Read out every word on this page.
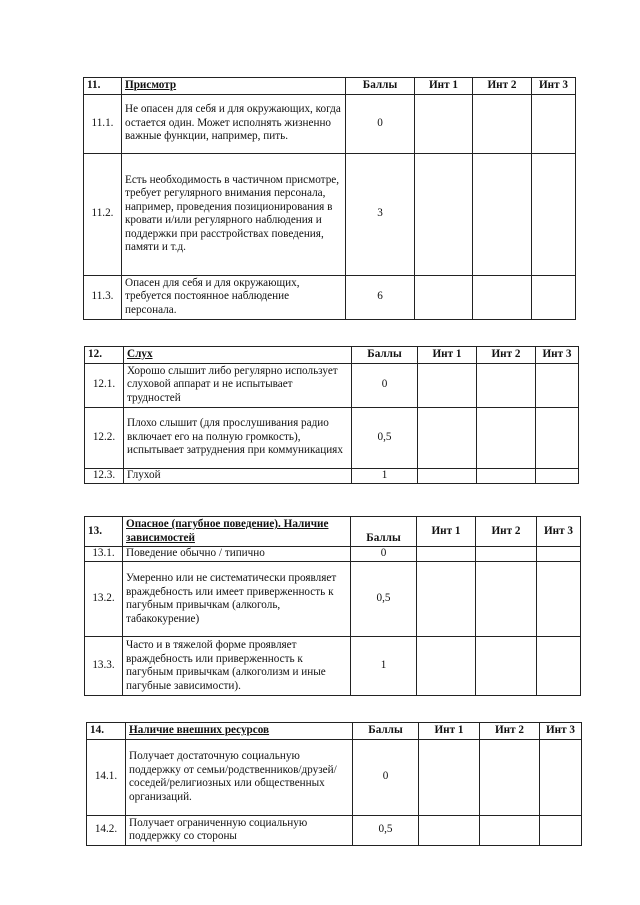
11.	Присмотр	Баллы	Инт 1	Инт 2	Инт 3
11.1.	Не опасен для себя и для окружающих, когда остается один. Может исполнять жизненно важные функции, например, пить.	0			
11.2.	Есть необходимость в частичном присмотре, требует регулярного внимания персонала, например, проведения позиционирования в кровати и/или регулярного наблюдения и поддержки при расстройствах поведения, памяти и т.д.	3			
11.3.	Опасен для себя и для окружающих, требуется постоянное наблюдение персонала.	6			
12.	Слух	Баллы	Инт 1	Инт 2	Инт 3
12.1.	Хорошо слышит либо регулярно использует слуховой аппарат и не испытывает трудностей	0			
12.2.	Плохо слышит (для прослушивания радио включает его на полную громкость), испытывает затруднения при коммуникациях	0,5			
12.3.	Глухой	1			
13.	Опасное (пагубное поведение). Наличие зависимостей	Баллы	Инт 1	Инт 2	Инт 3
13.1.	Поведение обычно / типично	0			
13.2.	Умеренно или не систематически проявляет враждебность или имеет приверженность к пагубным привычкам (алкоголь, табакокурение)	0,5			
13.3.	Часто и в тяжелой форме проявляет враждебность или приверженность к пагубным привычкам (алкоголизм и иные пагубные зависимости).	1			
14.	Наличие внешних ресурсов	Баллы	Инт 1	Инт 2	Инт 3
14.1.	Получает достаточную социальную поддержку от семьи/родственников/друзей/соседей/религиозных или общественных организаций.	0			
14.2.	Получает ограниченную социальную поддержку со стороны	0,5			
